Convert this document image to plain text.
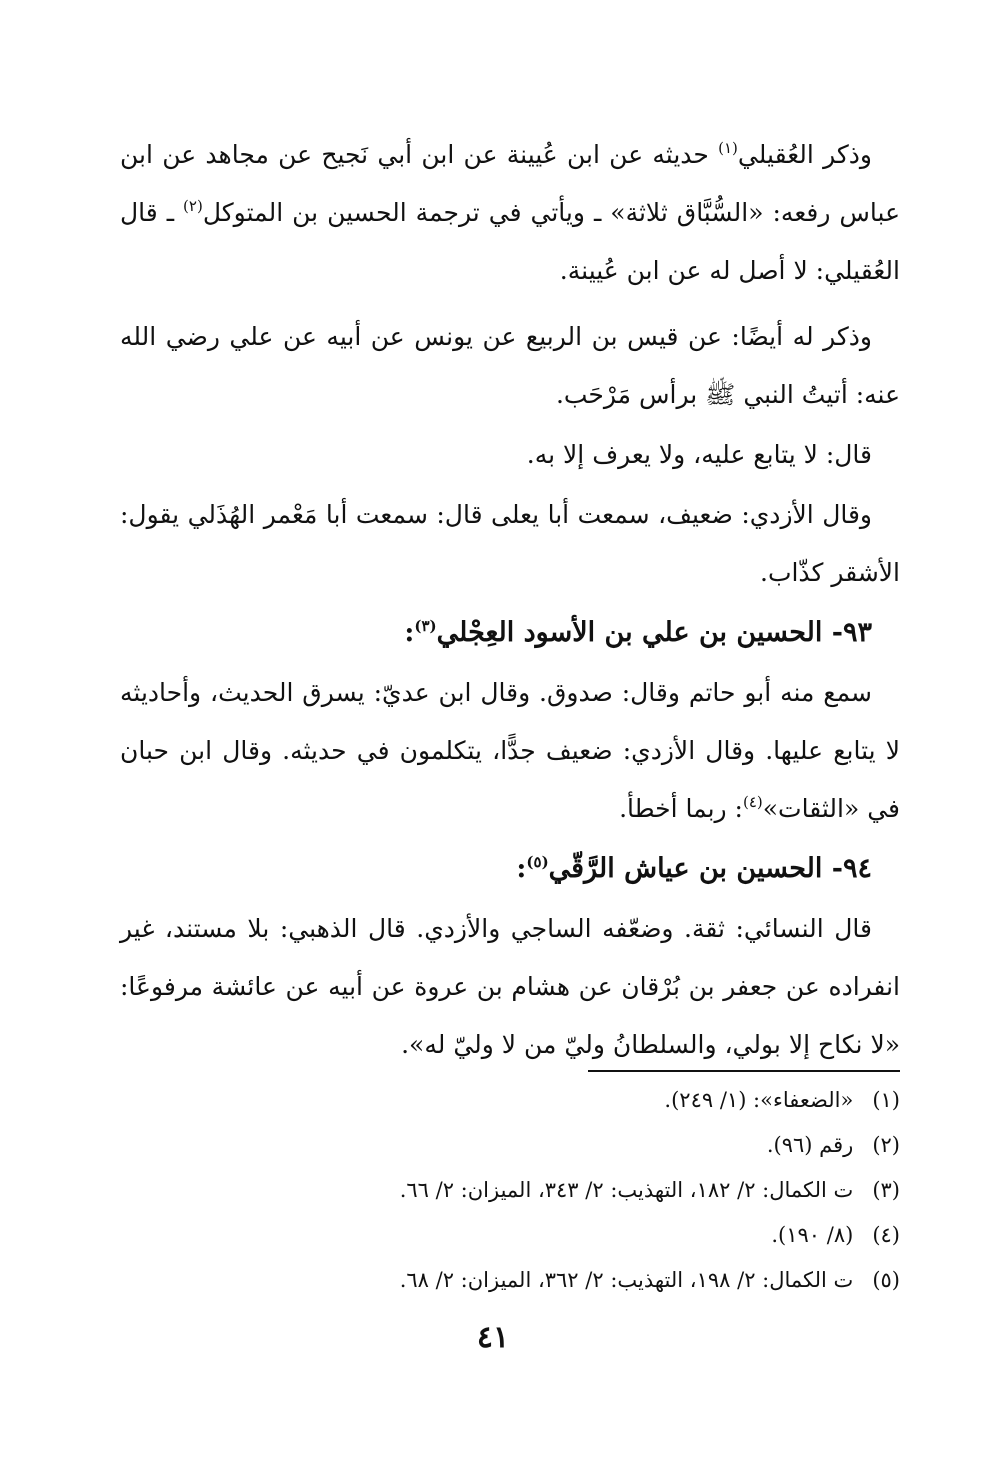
وذكر العُقيلي$^{(١)}$ حديثه عن ابن عُيينة عن ابن أبي نَجيح عن مجاهد عن ابن عباس رفعه: «السُّبَّاق ثلاثة» ـ ويأتي في ترجمة الحسين بن المتوكل$^{(٢)}$ ـ قال العُقيلي: لا أصل له عن ابن عُيينة.

وذكر له أيضًا: عن قيس بن الربيع عن يونس عن أبيه عن علي رضي الله عنه: أتيتُ النبي ﷺ برأس مَرْحَب.

قال: لا يتابع عليه، ولا يعرف إلا به.

وقال الأزدي: ضعيف، سمعت أبا يعلى قال: سمعت أبا مَعْمر الهُذَلي يقول: الأشقر كذّاب.

٩٣- الحسين بن علي بن الأسود العِجْلي$^{(٣)}$:

سمع منه أبو حاتم وقال: صدوق. وقال ابن عديّ: يسرق الحديث، وأحاديثه لا يتابع عليها. وقال الأزدي: ضعيف جدًّا، يتكلمون في حديثه. وقال ابن حبان في «الثقات»$^{(٤)}$: ربما أخطأ.

٩٤- الحسين بن عياش الرَّقّي$^{(٥)}$:

قال النسائي: ثقة. وضعّفه الساجي والأزدي. قال الذهبي: بلا مستند، غير انفراده عن جعفر بن بُرْقان عن هشام بن عروة عن أبيه عن عائشة مرفوعًا: «لا نكاح إلا بولي، والسلطانُ وليّ من لا وليّ له».

(١) «الضعفاء»: (١/ ٢٤٩).

(٢) رقم (٩٦).

(٣) ت الكمال: ٢/ ١٨٢، التهذيب: ٢/ ٣٤٣، الميزان: ٢/ ٦٦.

(٤) (٨/ ١٩٠).

(٥) ت الكمال: ٢/ ١٩٨، التهذيب: ٢/ ٣٦٢، الميزان: ٢/ ٦٨.

٤١
